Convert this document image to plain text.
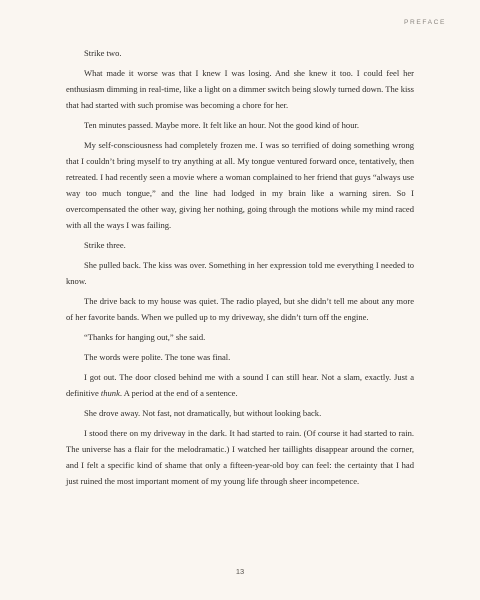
PREFACE

Strike two.

What made it worse was that I knew I was losing. And she knew it too. I could feel her enthusiasm dimming in real-time, like a light on a dimmer switch being slowly turned down. The kiss that had started with such promise was becoming a chore for her.

Ten minutes passed. Maybe more. It felt like an hour. Not the good kind of hour.

My self-consciousness had completely frozen me. I was so terrified of doing something wrong that I couldn’t bring myself to try anything at all. My tongue ventured forward once, tentatively, then retreated. I had recently seen a movie where a woman complained to her friend that guys “always use way too much tongue,” and the line had lodged in my brain like a warning siren. So I overcompensated the other way, giving her nothing, going through the motions while my mind raced with all the ways I was failing.

Strike three.

She pulled back. The kiss was over. Something in her expression told me everything I needed to know.

The drive back to my house was quiet. The radio played, but she didn’t tell me about any more of her favorite bands. When we pulled up to my driveway, she didn’t turn off the engine.

“Thanks for hanging out,” she said.

The words were polite. The tone was final.

I got out. The door closed behind me with a sound I can still hear. Not a slam, exactly. Just a definitive thunk. A period at the end of a sentence.

She drove away. Not fast, not dramatically, but without looking back.

I stood there on my driveway in the dark. It had started to rain. (Of course it had started to rain. The universe has a flair for the melodramatic.) I watched her taillights disappear around the corner, and I felt a specific kind of shame that only a fifteen-year-old boy can feel: the certainty that I had just ruined the most important moment of my young life through sheer incompetence.

13
